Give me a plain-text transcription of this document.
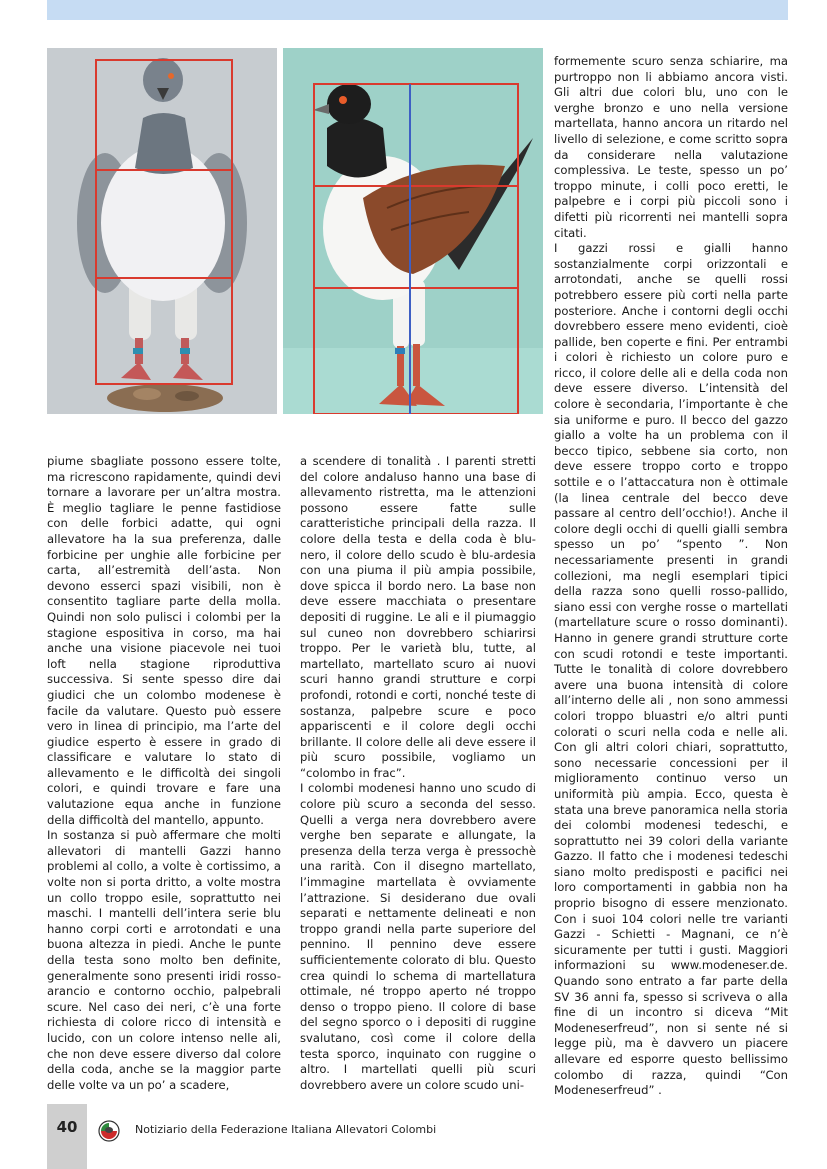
piume sbagliate possono essere tolte, ma ricrescono rapidamente, quindi devi tornare a lavorare per un’altra mostra. È meglio tagliare le penne fastidiose con delle forbici adatte, qui ogni allevatore ha la sua preferenza, dalle forbicine per unghie alle forbicine per carta, all’estremità dell’asta. Non devono esserci spazi visibili, non è consentito tagliare parte della molla. Quindi non solo pulisci i colombi per la stagione espositiva in corso, ma hai anche una visione piacevole nei tuoi loft nella stagione riproduttiva successiva. Si sente spesso dire dai giudici che un colombo modenese è facile da valutare. Questo può essere vero in linea di principio, ma l’arte del giudice esperto è essere in grado di classificare e valutare lo stato di allevamento e le difficoltà dei singoli colori, e quindi trovare e fare una valutazione equa anche in funzione della difficoltà del mantello, appunto.

In sostanza si può affermare che molti allevatori di mantelli Gazzi hanno problemi al collo, a volte è cortissimo, a volte non si porta dritto, a volte mostra un collo troppo esile, soprattutto nei maschi. I mantelli dell’intera serie blu hanno corpi corti e arrotondati e una buona altezza in piedi. Anche le punte della testa sono molto ben definite, generalmente sono presenti iridi rosso-arancio e contorno occhio, palpebrali scure. Nel caso dei neri, c’è una forte richiesta di colore ricco di intensità e lucido, con un colore intenso nelle ali, che non deve essere diverso dal colore della coda, anche se la maggior parte delle volte va un po’ a scadere,

a scendere di tonalità . I parenti stretti del colore andaluso hanno una base di allevamento ristretta, ma le attenzioni possono essere fatte sulle caratteristiche principali della razza. Il colore della testa e della coda è blu-nero, il colore dello scudo è blu-ardesia con una piuma il più ampia possibile, dove spicca il bordo nero. La base non deve essere macchiata o presentare depositi di ruggine. Le ali e il piumaggio sul cuneo non dovrebbero schiarirsi troppo. Per le varietà blu, tutte, al martellato, martellato scuro ai nuovi scuri hanno grandi strutture e corpi profondi, rotondi e corti, nonché teste di sostanza, palpebre scure e poco appariscenti e il colore degli occhi brillante. Il colore delle ali deve essere il più scuro possibile, vogliamo un “colombo in frac”.

I colombi modenesi hanno uno scudo di colore più scuro a seconda del sesso. Quelli a verga nera dovrebbero avere verghe ben separate e allungate, la presenza della terza verga è pressochè una rarità. Con il disegno martellato, l’immagine martellata è ovviamente l’attrazione. Si desiderano due ovali separati e nettamente delineati e non troppo grandi nella parte superiore del pennino. Il pennino deve essere sufficientemente colorato di blu. Questo crea quindi lo schema di martellatura ottimale, né troppo aperto né troppo denso o troppo pieno. Il colore di base del segno sporco o i depositi di ruggine svalutano, così come il colore della testa sporco, inquinato con ruggine o altro. I martellati quelli più scuri dovrebbero avere un colore scudo uni-

formemente scuro senza schiarire, ma purtroppo non li abbiamo ancora visti. Gli altri due colori blu, uno con le verghe bronzo e uno nella versione martellata, hanno ancora un ritardo nel livello di selezione, e come scritto sopra da considerare nella valutazione complessiva. Le teste, spesso un po’ troppo minute, i colli poco eretti, le palpebre e i corpi più piccoli sono i difetti più ricorrenti nei mantelli sopra citati.

I gazzi rossi e gialli hanno sostanzialmente corpi orizzontali e arrotondati, anche se quelli rossi potrebbero essere più corti nella parte posteriore. Anche i contorni degli occhi dovrebbero essere meno evidenti, cioè pallide, ben coperte e fini. Per entrambi i colori è richiesto un colore puro e ricco, il colore delle ali e della coda non deve essere diverso. L’intensità del colore è secondaria, l’importante è che sia uniforme e puro. Il becco del gazzo giallo a volte ha un problema con il becco tipico, sebbene sia corto, non deve essere troppo corto e troppo sottile e o l’attaccatura non è ottimale (la linea centrale del becco deve passare al centro dell’occhio!). Anche il colore degli occhi di quelli gialli sembra spesso un po’ “spento ”. Non necessariamente presenti in grandi collezioni, ma negli esemplari tipici della razza sono quelli rosso-pallido, siano essi con verghe rosse o martellati (martellature scure o rosso dominanti). Hanno in genere grandi strutture corte con scudi rotondi e teste importanti. Tutte le tonalità di colore dovrebbero avere una buona intensità di colore all’interno delle ali , non sono ammessi colori troppo bluastri e/o altri punti colorati o scuri nella coda e nelle ali. Con gli altri colori chiari, soprattutto, sono necessarie concessioni per il miglioramento continuo verso un uniformità più ampia. Ecco, questa è stata una breve panoramica nella storia dei colombi modenesi tedeschi, e soprattutto nei 39 colori della variante Gazzo. Il fatto che i modenesi tedeschi siano molto predisposti e pacifici nei loro comportamenti in gabbia non ha proprio bisogno di essere menzionato. Con i suoi 104 colori nelle tre varianti Gazzi - Schietti - Magnani, ce n’è sicuramente per tutti i gusti. Maggiori informazioni su www.modeneser.de. Quando sono entrato a far parte della SV 36 anni fa, spesso si scriveva o alla fine di un incontro si diceva “Mit Modeneserfreud”, non si sente né si legge più, ma è davvero un piacere allevare ed esporre questo bellissimo colombo di razza, quindi “Con Modeneserfreud” .

40	Notiziario della Federazione Italiana Allevatori Colombi
